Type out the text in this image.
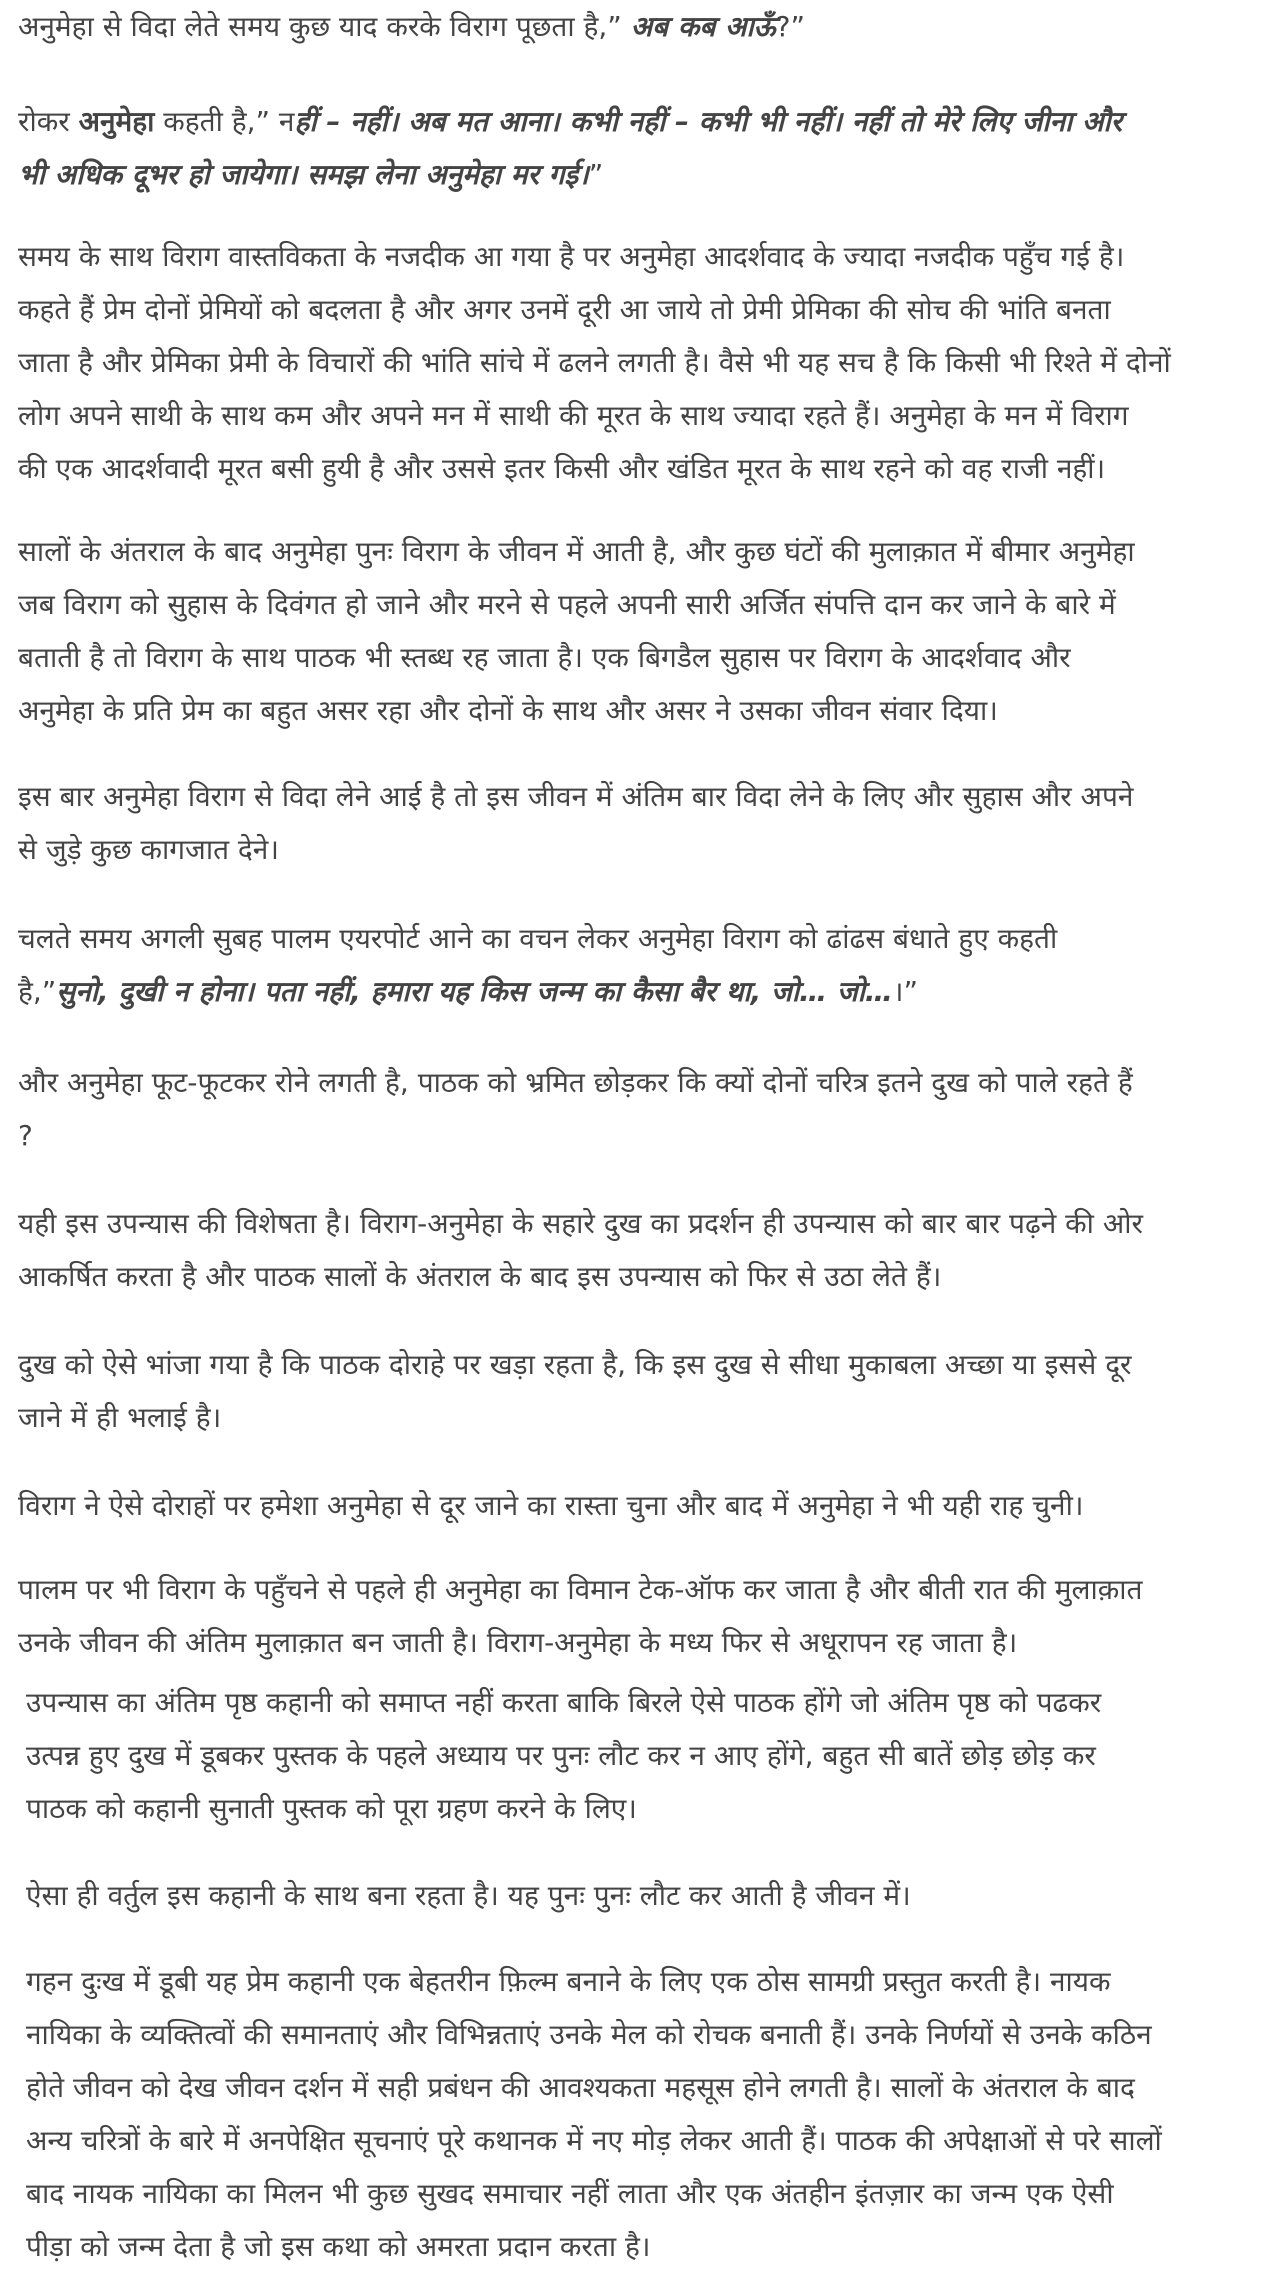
अनुमेहा से विदा लेते समय कुछ याद करके विराग पूछता है,” अब कब आऊँ?”
रोकर अनुमेहा कहती है,” नहीं – नहीं। अब मत आना। कभी नहीं – कभी भी नहीं। नहीं तो मेरे लिए जीना और
भी अधिक दूभर हो जायेगा। समझ लेना अनुमेहा मर गई।”
समय के साथ विराग वास्तविकता के नजदीक आ गया है पर अनुमेहा आदर्शवाद के ज्यादा नजदीक पहुँच गई है।
कहते हैं प्रेम दोनों प्रेमियों को बदलता है और अगर उनमें दूरी आ जाये तो प्रेमी प्रेमिका की सोच की भांति बनता
जाता है और प्रेमिका प्रेमी के विचारों की भांति सांचे में ढलने लगती है। वैसे भी यह सच है कि किसी भी रिश्ते में दोनों
लोग अपने साथी के साथ कम और अपने मन में साथी की मूरत के साथ ज्यादा रहते हैं। अनुमेहा के मन में विराग
की एक आदर्शवादी मूरत बसी हुयी है और उससे इतर किसी और खंडित मूरत के साथ रहने को वह राजी नहीं।
सालों के अंतराल के बाद अनुमेहा पुनः विराग के जीवन में आती है, और कुछ घंटों की मुलाक़ात में बीमार अनुमेहा
जब विराग को सुहास के दिवंगत हो जाने और मरने से पहले अपनी सारी अर्जित संपत्ति दान कर जाने के बारे में
बताती है तो विराग के साथ पाठक भी स्तब्ध रह जाता है। एक बिगडैल सुहास पर विराग के आदर्शवाद और
अनुमेहा के प्रति प्रेम का बहुत असर रहा और दोनों के साथ और असर ने उसका जीवन संवार दिया।
इस बार अनुमेहा विराग से विदा लेने आई है तो इस जीवन में अंतिम बार विदा लेने के लिए और सुहास और अपने
से जुड़े कुछ कागजात देने।
चलते समय अगली सुबह पालम एयरपोर्ट आने का वचन लेकर अनुमेहा विराग को ढांढस बंधाते हुए कहती
है,”सुनो, दुखी न होना। पता नहीं, हमारा यह किस जन्म का कैसा बैर था, जो… जो…।”
और अनुमेहा फूट-फूटकर रोने लगती है, पाठक को भ्रमित छोड़कर कि क्यों दोनों चरित्र इतने दुख को पाले रहते हैं
?
यही इस उपन्यास की विशेषता है। विराग-अनुमेहा के सहारे दुख का प्रदर्शन ही उपन्यास को बार बार पढ़ने की ओर
आकर्षित करता है और पाठक सालों के अंतराल के बाद इस उपन्यास को फिर से उठा लेते हैं।
दुख को ऐसे भांजा गया है कि पाठक दोराहे पर खड़ा रहता है, कि इस दुख से सीधा मुकाबला अच्छा या इससे दूर
जाने में ही भलाई है।
विराग ने ऐसे दोराहों पर हमेशा अनुमेहा से दूर जाने का रास्ता चुना और बाद में अनुमेहा ने भी यही राह चुनी।
पालम पर भी विराग के पहुँचने से पहले ही अनुमेहा का विमान टेक-ऑफ कर जाता है और बीती रात की मुलाक़ात
उनके जीवन की अंतिम मुलाक़ात बन जाती है। विराग-अनुमेहा के मध्य फिर से अधूरापन रह जाता है।
उपन्यास का अंतिम पृष्ठ कहानी को समाप्त नहीं करता बाकि बिरले ऐसे पाठक होंगे जो अंतिम पृष्ठ को पढकर
उत्पन्न हुए दुख में डूबकर पुस्तक के पहले अध्याय पर पुनः लौट कर न आए होंगे, बहुत सी बातें छोड़ छोड़ कर
पाठक को कहानी सुनाती पुस्तक को पूरा ग्रहण करने के लिए।
ऐसा ही वर्तुल इस कहानी के साथ बना रहता है। यह पुनः पुनः लौट कर आती है जीवन में।
गहन दुःख में डूबी यह प्रेम कहानी एक बेहतरीन फ़िल्म बनाने के लिए एक ठोस सामग्री प्रस्तुत करती है। नायक
नायिका के व्यक्तित्वों की समानताएं और विभिन्नताएं उनके मेल को रोचक बनाती हैं। उनके निर्णयों से उनके कठिन
होते जीवन को देख जीवन दर्शन में सही प्रबंधन की आवश्यकता महसूस होने लगती है। सालों के अंतराल के बाद
अन्य चरित्रों के बारे में अनपेक्षित सूचनाएं पूरे कथानक में नए मोड़ लेकर आती हैं। पाठक की अपेक्षाओं से परे सालों
बाद नायक नायिका का मिलन भी कुछ सुखद समाचार नहीं लाता और एक अंतहीन इंतज़ार का जन्म एक ऐसी
पीड़ा को जन्म देता है जो इस कथा को अमरता प्रदान करता है।
